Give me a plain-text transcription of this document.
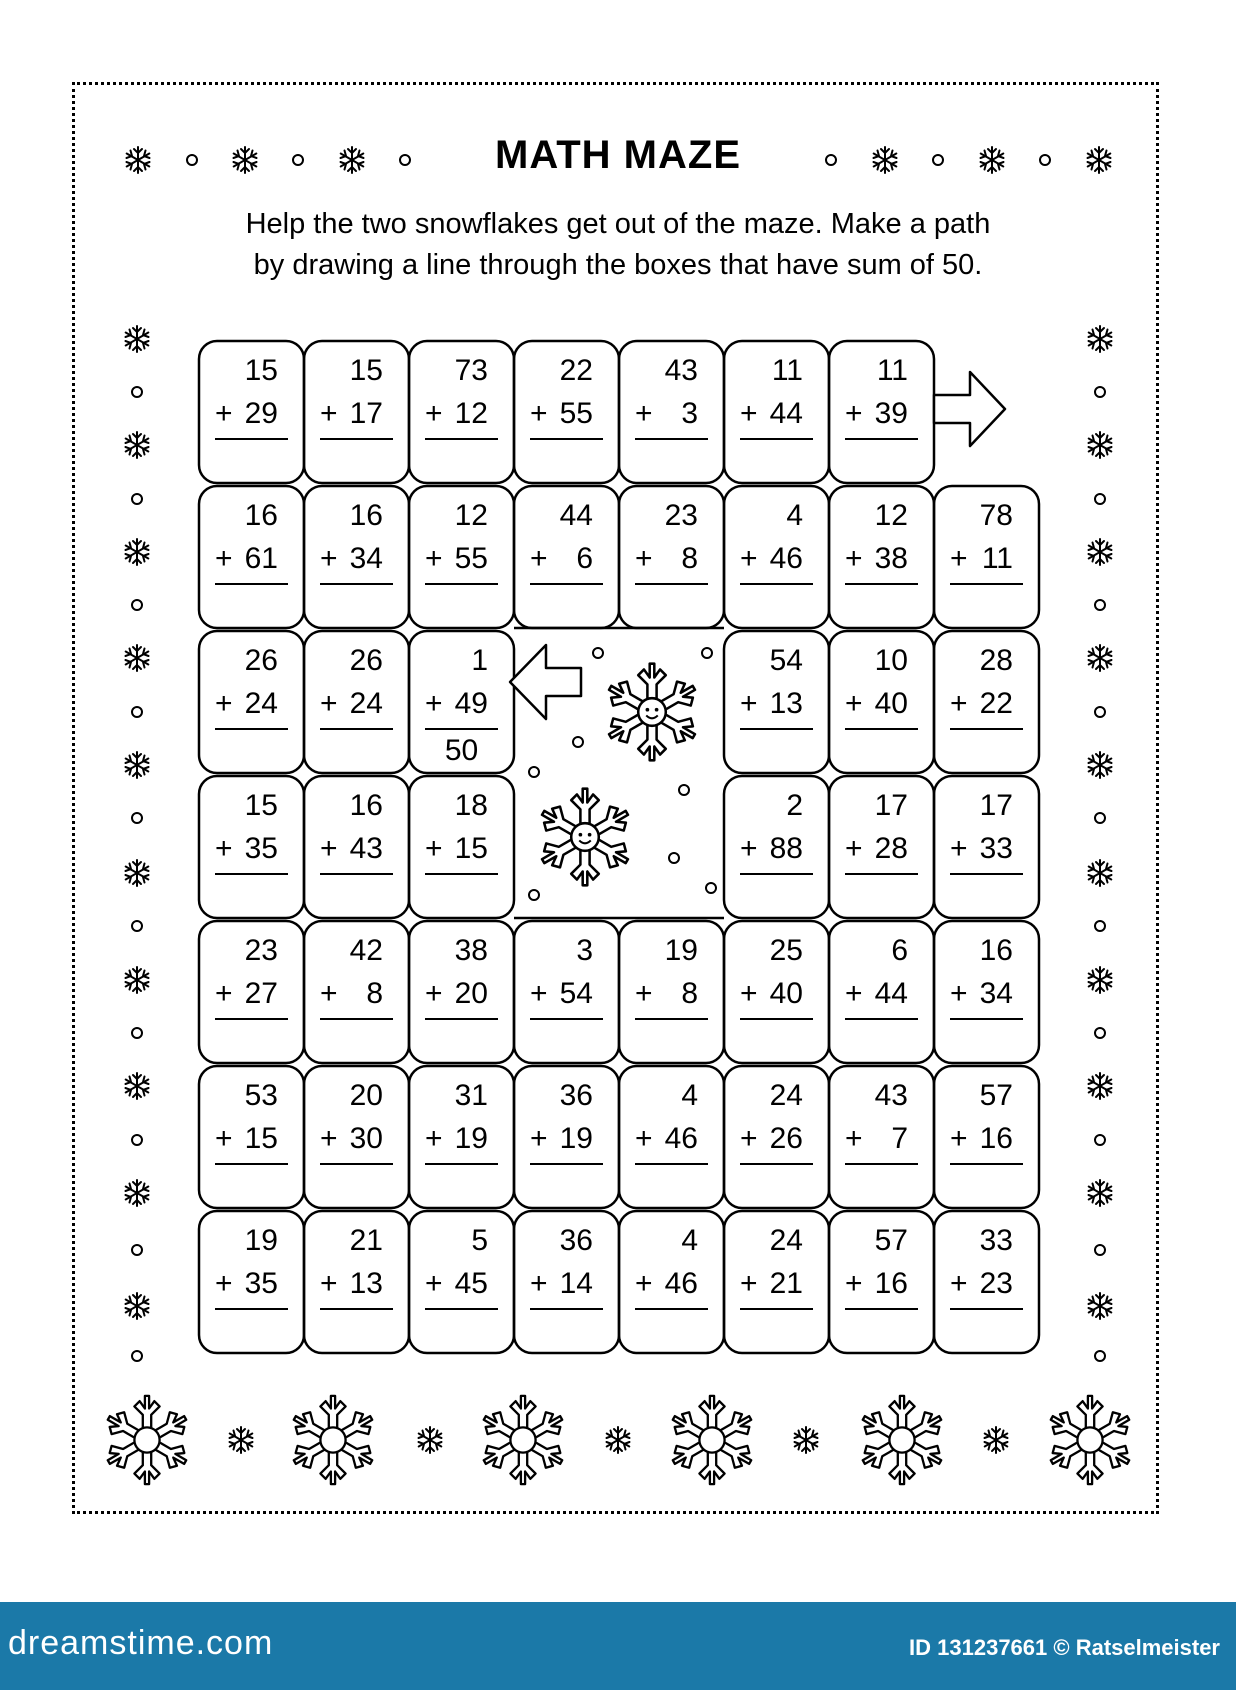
MATH MAZE
Help the two snowflakes get out of the maze. Make a path
by drawing a line through the boxes that have sum of 50.
15
+ 29
15
+ 17
73
+ 12
22
+ 55
43
+ 3
11
+ 44
11
+ 39
16
+ 61
16
+ 34
12
+ 55
44
+ 6
23
+ 8
4
+ 46
12
+ 38
78
+ 11
26
+ 24
26
+ 24
1
+ 49
50
54
+ 13
10
+ 40
28
+ 22
15
+ 35
16
+ 43
18
+ 15
2
+ 88
17
+ 28
17
+ 33
23
+ 27
42
+ 8
38
+ 20
3
+ 54
19
+ 8
25
+ 40
6
+ 44
16
+ 34
53
+ 15
20
+ 30
31
+ 19
36
+ 19
4
+ 46
24
+ 26
43
+ 7
57
+ 16
19
+ 35
21
+ 13
5
+ 45
36
+ 14
4
+ 46
24
+ 21
57
+ 16
33
+ 23
dreamstime.com	ID 131237661 © Ratselmeister
